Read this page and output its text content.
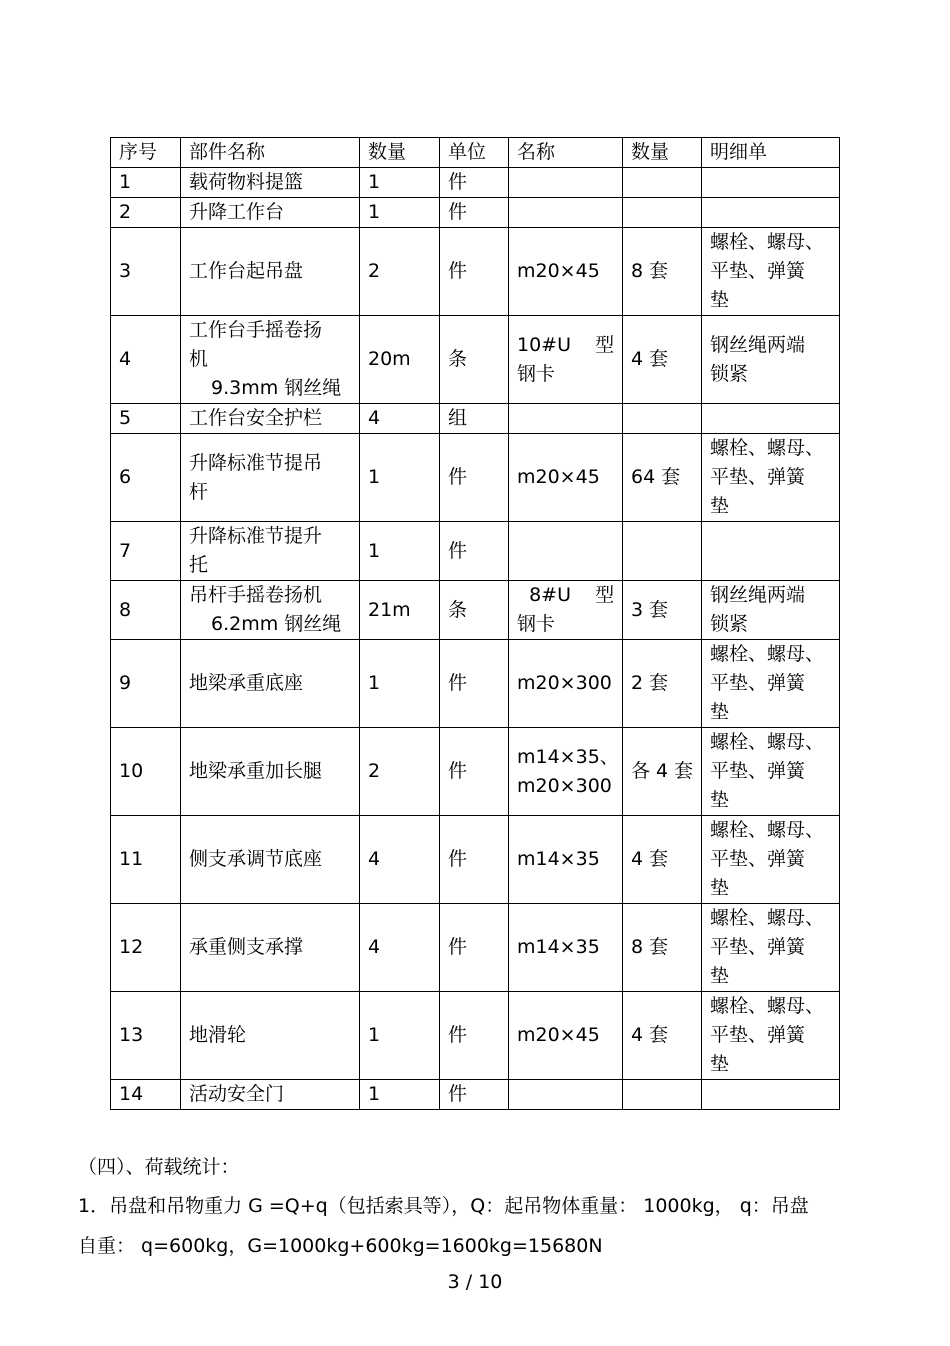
序号	部件名称	数量	单位	名称	数量	明细单
1	载荷物料提篮	1	件			
2	升降工作台	1	件			
3	工作台起吊盘	2	件	m20×45	8 套	螺栓、螺母、
平垫、弹簧
垫
4	工作台手摇卷扬
机
9.3mm 钢丝绳	20m	条	10#U    型
钢卡	4 套	钢丝绳两端
锁紧
5	工作台安全护栏	4	组			
6	升降标准节提吊
杆	1	件	m20×45	64 套	螺栓、螺母、
平垫、弹簧
垫
7	升降标准节提升
托	1	件			
8	吊杆手摇卷扬机
6.2mm 钢丝绳	21m	条	8#U    型
钢卡	3 套	钢丝绳两端
锁紧
9	地梁承重底座	1	件	m20×300	2 套	螺栓、螺母、
平垫、弹簧
垫
10	地梁承重加长腿	2	件	m14×35、
m20×300	各 4 套	螺栓、螺母、
平垫、弹簧
垫
11	侧支承调节底座	4	件	m14×35	4 套	螺栓、螺母、
平垫、弹簧
垫
12	承重侧支承撑	4	件	m14×35	8 套	螺栓、螺母、
平垫、弹簧
垫
13	地滑轮	1	件	m20×45	4 套	螺栓、螺母、
平垫、弹簧
垫
14	活动安全门	1	件			
（四）、荷载统计：
1．吊盘和吊物重力 G =Q+q（包括索具等），Q：起吊物体重量： 1000kg， q：吊盘
自重： q=600kg，G=1000kg+600kg=1600kg=15680N
3 / 10
